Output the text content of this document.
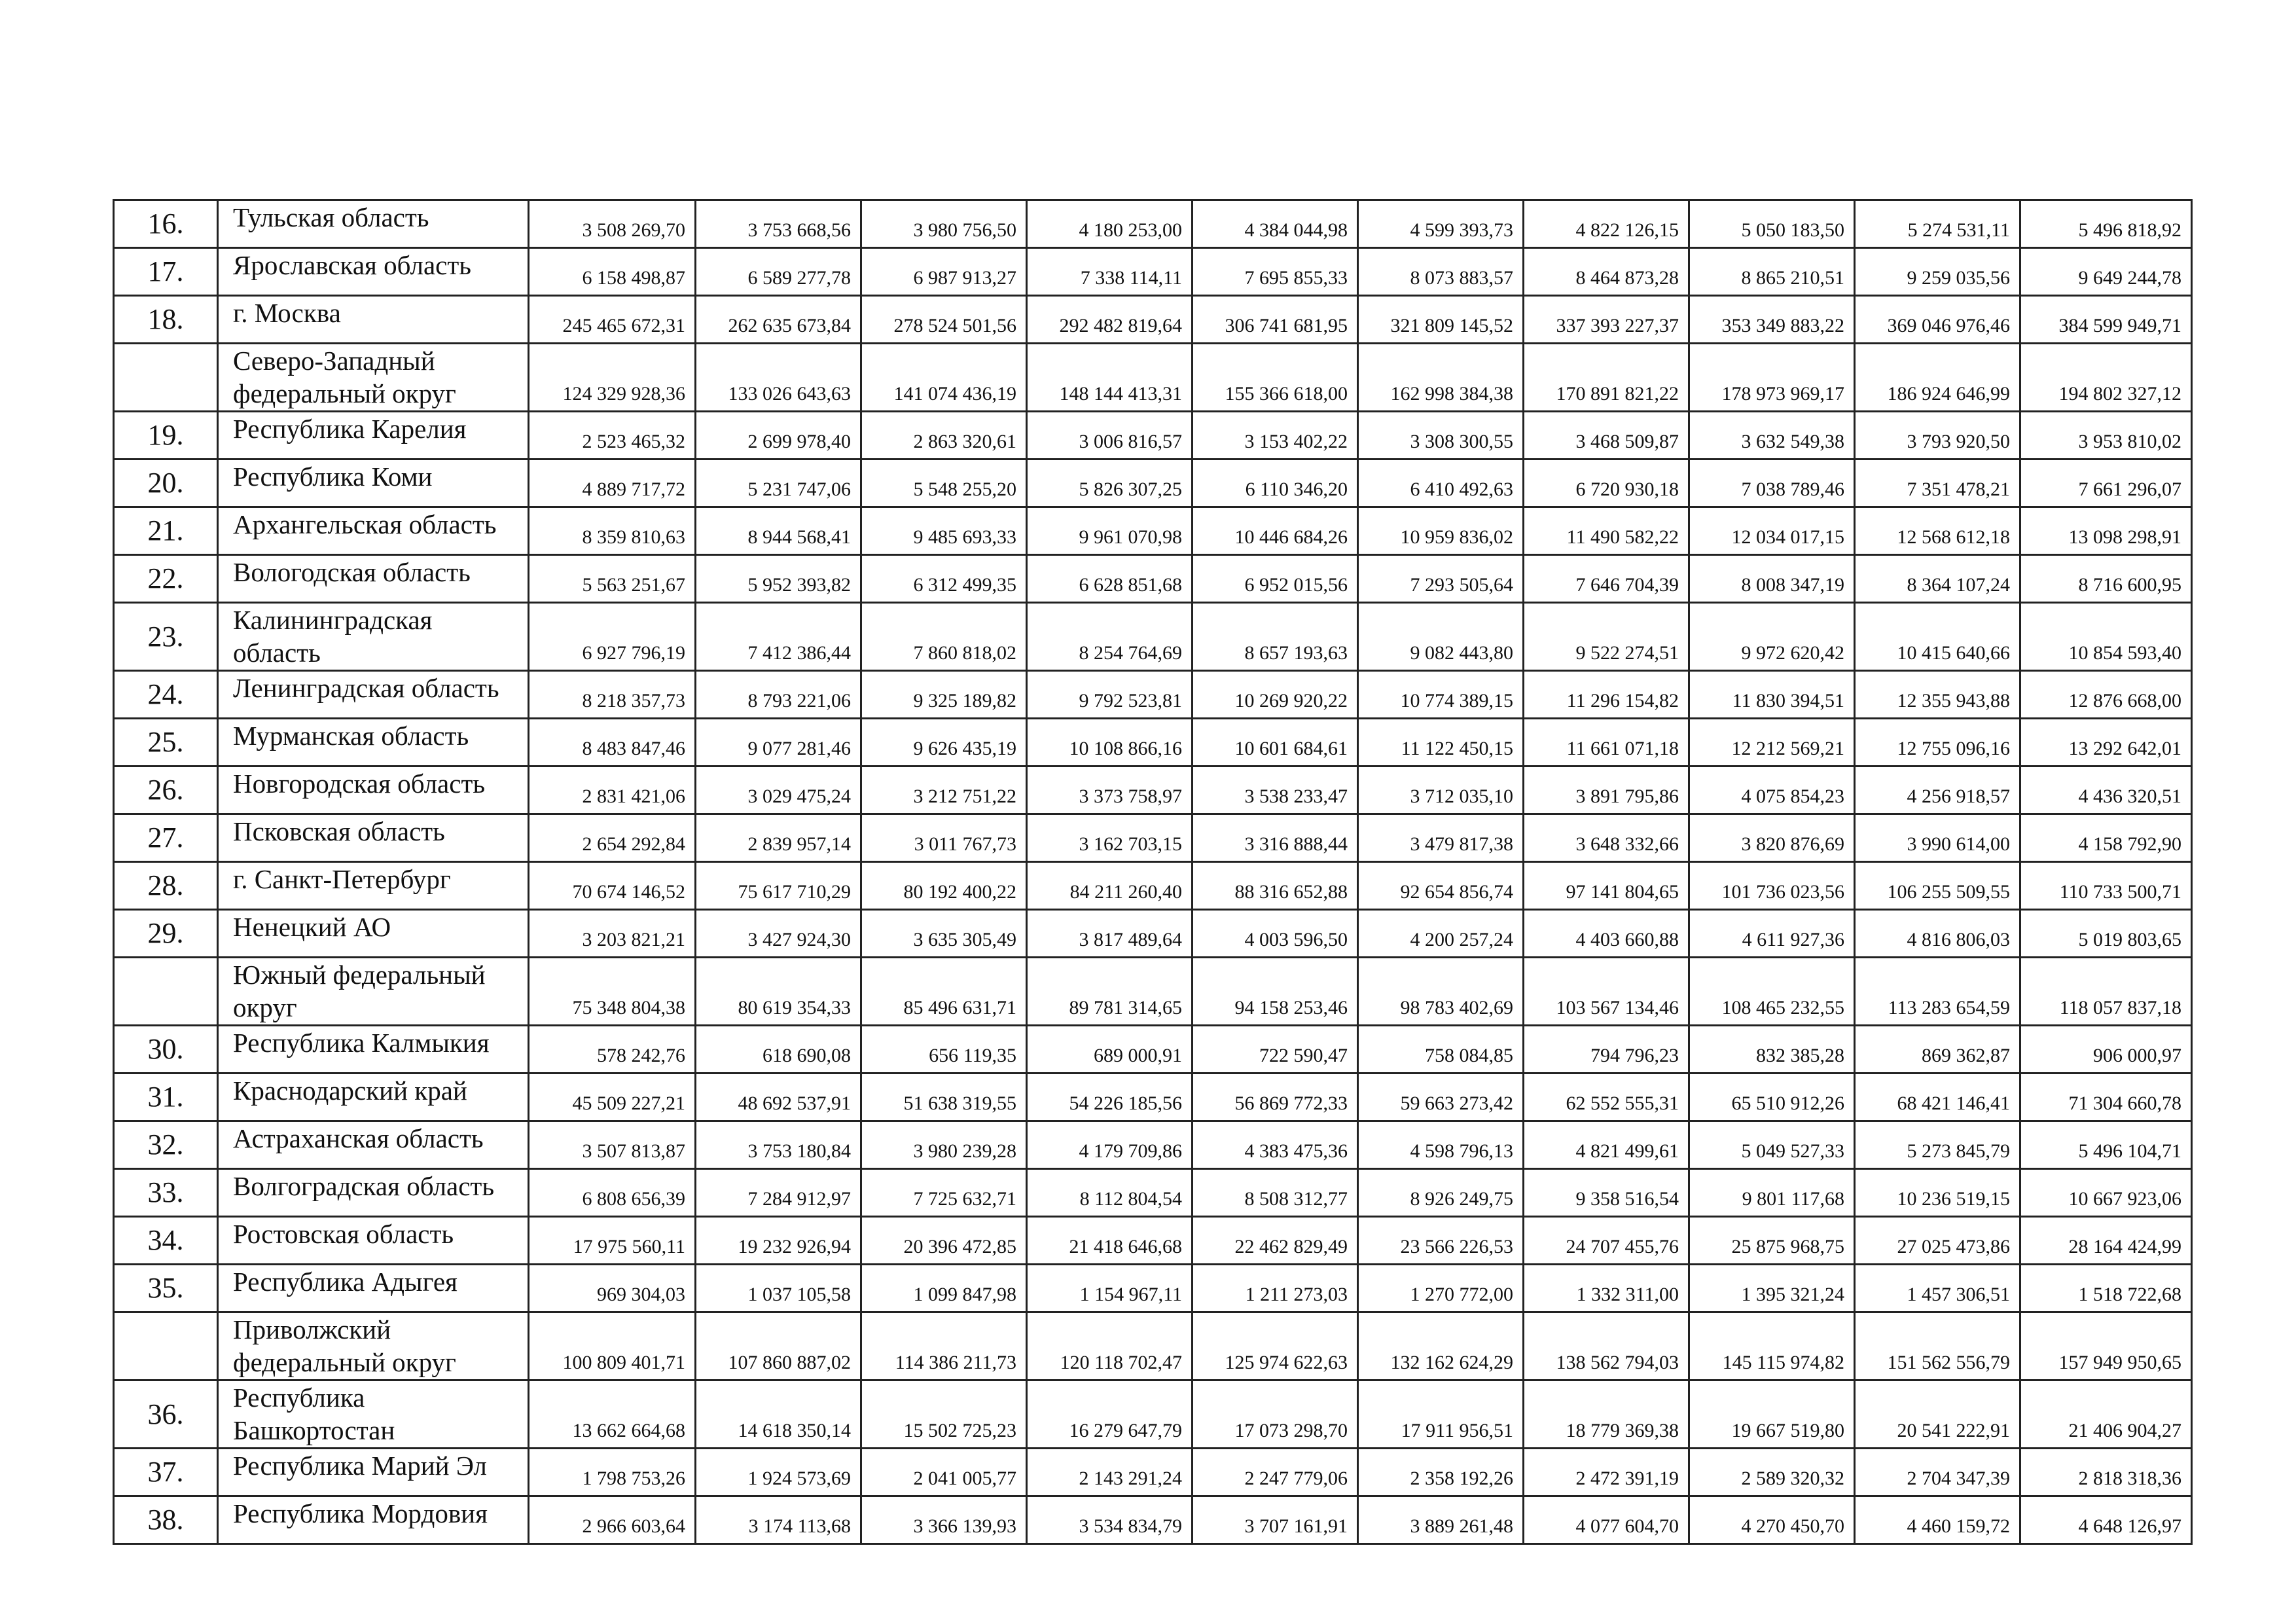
16.	Тульская область	3 508 269,70	3 753 668,56	3 980 756,50	4 180 253,00	4 384 044,98	4 599 393,73	4 822 126,15	5 050 183,50	5 274 531,11	5 496 818,92
17.	Ярославская область	6 158 498,87	6 589 277,78	6 987 913,27	7 338 114,11	7 695 855,33	8 073 883,57	8 464 873,28	8 865 210,51	9 259 035,56	9 649 244,78
18.	г. Москва	245 465 672,31	262 635 673,84	278 524 501,56	292 482 819,64	306 741 681,95	321 809 145,52	337 393 227,37	353 349 883,22	369 046 976,46	384 599 949,71
	Северо-Западный
федеральный округ	124 329 928,36	133 026 643,63	141 074 436,19	148 144 413,31	155 366 618,00	162 998 384,38	170 891 821,22	178 973 969,17	186 924 646,99	194 802 327,12
19.	Республика Карелия	2 523 465,32	2 699 978,40	2 863 320,61	3 006 816,57	3 153 402,22	3 308 300,55	3 468 509,87	3 632 549,38	3 793 920,50	3 953 810,02
20.	Республика Коми	4 889 717,72	5 231 747,06	5 548 255,20	5 826 307,25	6 110 346,20	6 410 492,63	6 720 930,18	7 038 789,46	7 351 478,21	7 661 296,07
21.	Архангельская область	8 359 810,63	8 944 568,41	9 485 693,33	9 961 070,98	10 446 684,26	10 959 836,02	11 490 582,22	12 034 017,15	12 568 612,18	13 098 298,91
22.	Вологодская область	5 563 251,67	5 952 393,82	6 312 499,35	6 628 851,68	6 952 015,56	7 293 505,64	7 646 704,39	8 008 347,19	8 364 107,24	8 716 600,95
23.	Калининградская
область	6 927 796,19	7 412 386,44	7 860 818,02	8 254 764,69	8 657 193,63	9 082 443,80	9 522 274,51	9 972 620,42	10 415 640,66	10 854 593,40
24.	Ленинградская область	8 218 357,73	8 793 221,06	9 325 189,82	9 792 523,81	10 269 920,22	10 774 389,15	11 296 154,82	11 830 394,51	12 355 943,88	12 876 668,00
25.	Мурманская область	8 483 847,46	9 077 281,46	9 626 435,19	10 108 866,16	10 601 684,61	11 122 450,15	11 661 071,18	12 212 569,21	12 755 096,16	13 292 642,01
26.	Новгородская область	2 831 421,06	3 029 475,24	3 212 751,22	3 373 758,97	3 538 233,47	3 712 035,10	3 891 795,86	4 075 854,23	4 256 918,57	4 436 320,51
27.	Псковская область	2 654 292,84	2 839 957,14	3 011 767,73	3 162 703,15	3 316 888,44	3 479 817,38	3 648 332,66	3 820 876,69	3 990 614,00	4 158 792,90
28.	г. Санкт-Петербург	70 674 146,52	75 617 710,29	80 192 400,22	84 211 260,40	88 316 652,88	92 654 856,74	97 141 804,65	101 736 023,56	106 255 509,55	110 733 500,71
29.	Ненецкий АО	3 203 821,21	3 427 924,30	3 635 305,49	3 817 489,64	4 003 596,50	4 200 257,24	4 403 660,88	4 611 927,36	4 816 806,03	5 019 803,65
	Южный федеральный
округ	75 348 804,38	80 619 354,33	85 496 631,71	89 781 314,65	94 158 253,46	98 783 402,69	103 567 134,46	108 465 232,55	113 283 654,59	118 057 837,18
30.	Республика Калмыкия	578 242,76	618 690,08	656 119,35	689 000,91	722 590,47	758 084,85	794 796,23	832 385,28	869 362,87	906 000,97
31.	Краснодарский край	45 509 227,21	48 692 537,91	51 638 319,55	54 226 185,56	56 869 772,33	59 663 273,42	62 552 555,31	65 510 912,26	68 421 146,41	71 304 660,78
32.	Астраханская область	3 507 813,87	3 753 180,84	3 980 239,28	4 179 709,86	4 383 475,36	4 598 796,13	4 821 499,61	5 049 527,33	5 273 845,79	5 496 104,71
33.	Волгоградская область	6 808 656,39	7 284 912,97	7 725 632,71	8 112 804,54	8 508 312,77	8 926 249,75	9 358 516,54	9 801 117,68	10 236 519,15	10 667 923,06
34.	Ростовская область	17 975 560,11	19 232 926,94	20 396 472,85	21 418 646,68	22 462 829,49	23 566 226,53	24 707 455,76	25 875 968,75	27 025 473,86	28 164 424,99
35.	Республика Адыгея	969 304,03	1 037 105,58	1 099 847,98	1 154 967,11	1 211 273,03	1 270 772,00	1 332 311,00	1 395 321,24	1 457 306,51	1 518 722,68
	Приволжский
федеральный округ	100 809 401,71	107 860 887,02	114 386 211,73	120 118 702,47	125 974 622,63	132 162 624,29	138 562 794,03	145 115 974,82	151 562 556,79	157 949 950,65
36.	Республика
Башкортостан	13 662 664,68	14 618 350,14	15 502 725,23	16 279 647,79	17 073 298,70	17 911 956,51	18 779 369,38	19 667 519,80	20 541 222,91	21 406 904,27
37.	Республика Марий Эл	1 798 753,26	1 924 573,69	2 041 005,77	2 143 291,24	2 247 779,06	2 358 192,26	2 472 391,19	2 589 320,32	2 704 347,39	2 818 318,36
38.	Республика Мордовия	2 966 603,64	3 174 113,68	3 366 139,93	3 534 834,79	3 707 161,91	3 889 261,48	4 077 604,70	4 270 450,70	4 460 159,72	4 648 126,97
